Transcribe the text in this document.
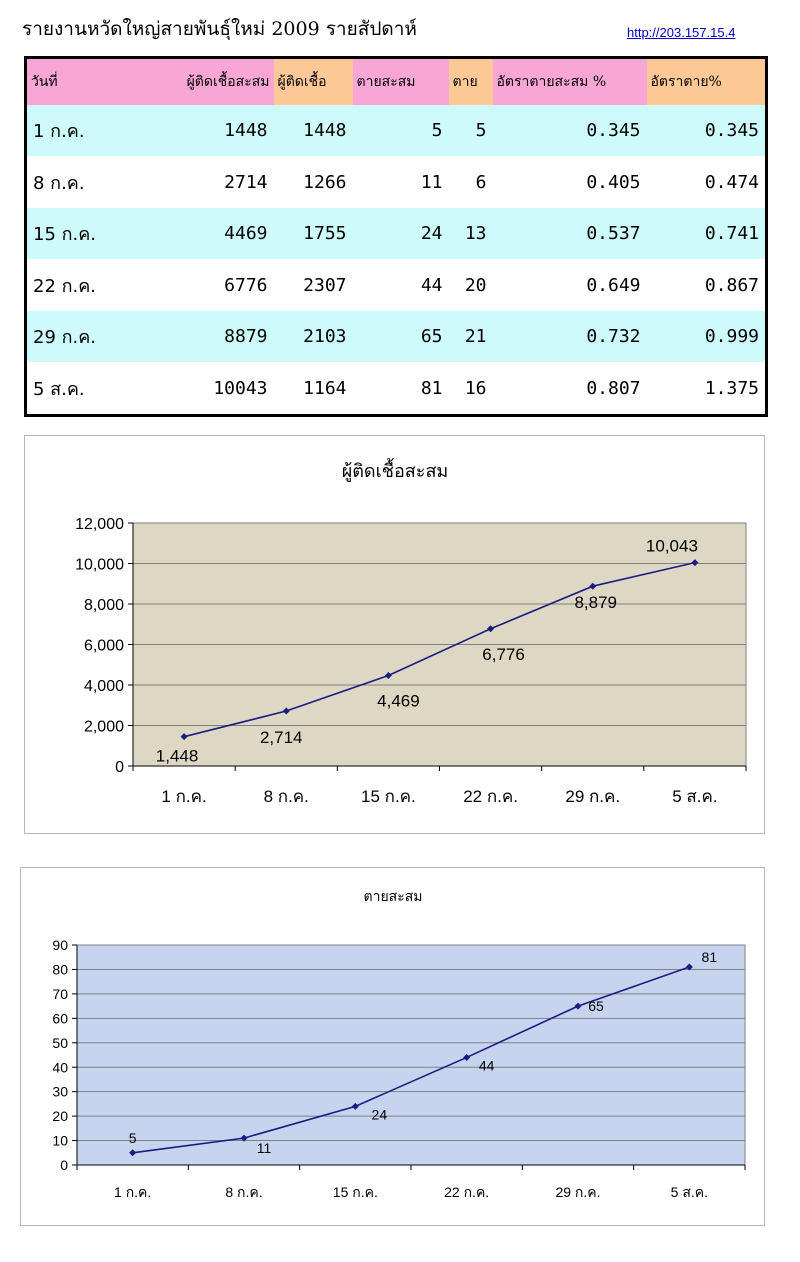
รายงานหวัดใหญ่สายพันธุ์ใหม่ 2009 รายสัปดาห์	http://203.157.15.4
วันที่	ผู้ติดเชื้อสะสม	ผู้ติดเชื้อ	ตายสะสม	ตาย	อัตราตายสะสม %	อัตราตาย%
1 ก.ค.	1448	1448	5	5	0.345	0.345
8 ก.ค.	2714	1266	11	6	0.405	0.474
15 ก.ค.	4469	1755	24	13	0.537	0.741
22 ก.ค.	6776	2307	44	20	0.649	0.867
29 ก.ค.	8879	2103	65	21	0.732	0.999
5 ส.ค.	10043	1164	81	16	0.807	1.375
ผู้ติดเชื้อสะสม
0
2,000
4,000
6,000
8,000
10,000
12,000
1 ก.ค.	8 ก.ค.	15 ก.ค.	22 ก.ค.	29 ก.ค.	5 ส.ค.
1,448
2,714
4,469
6,776
8,879
10,043
ตายสะสม
0
10
20
30
40
50
60
70
80
90
1 ก.ค.	8 ก.ค.	15 ก.ค.	22 ก.ค.	29 ก.ค.	5 ส.ค.
5
11
24
44
65
81
